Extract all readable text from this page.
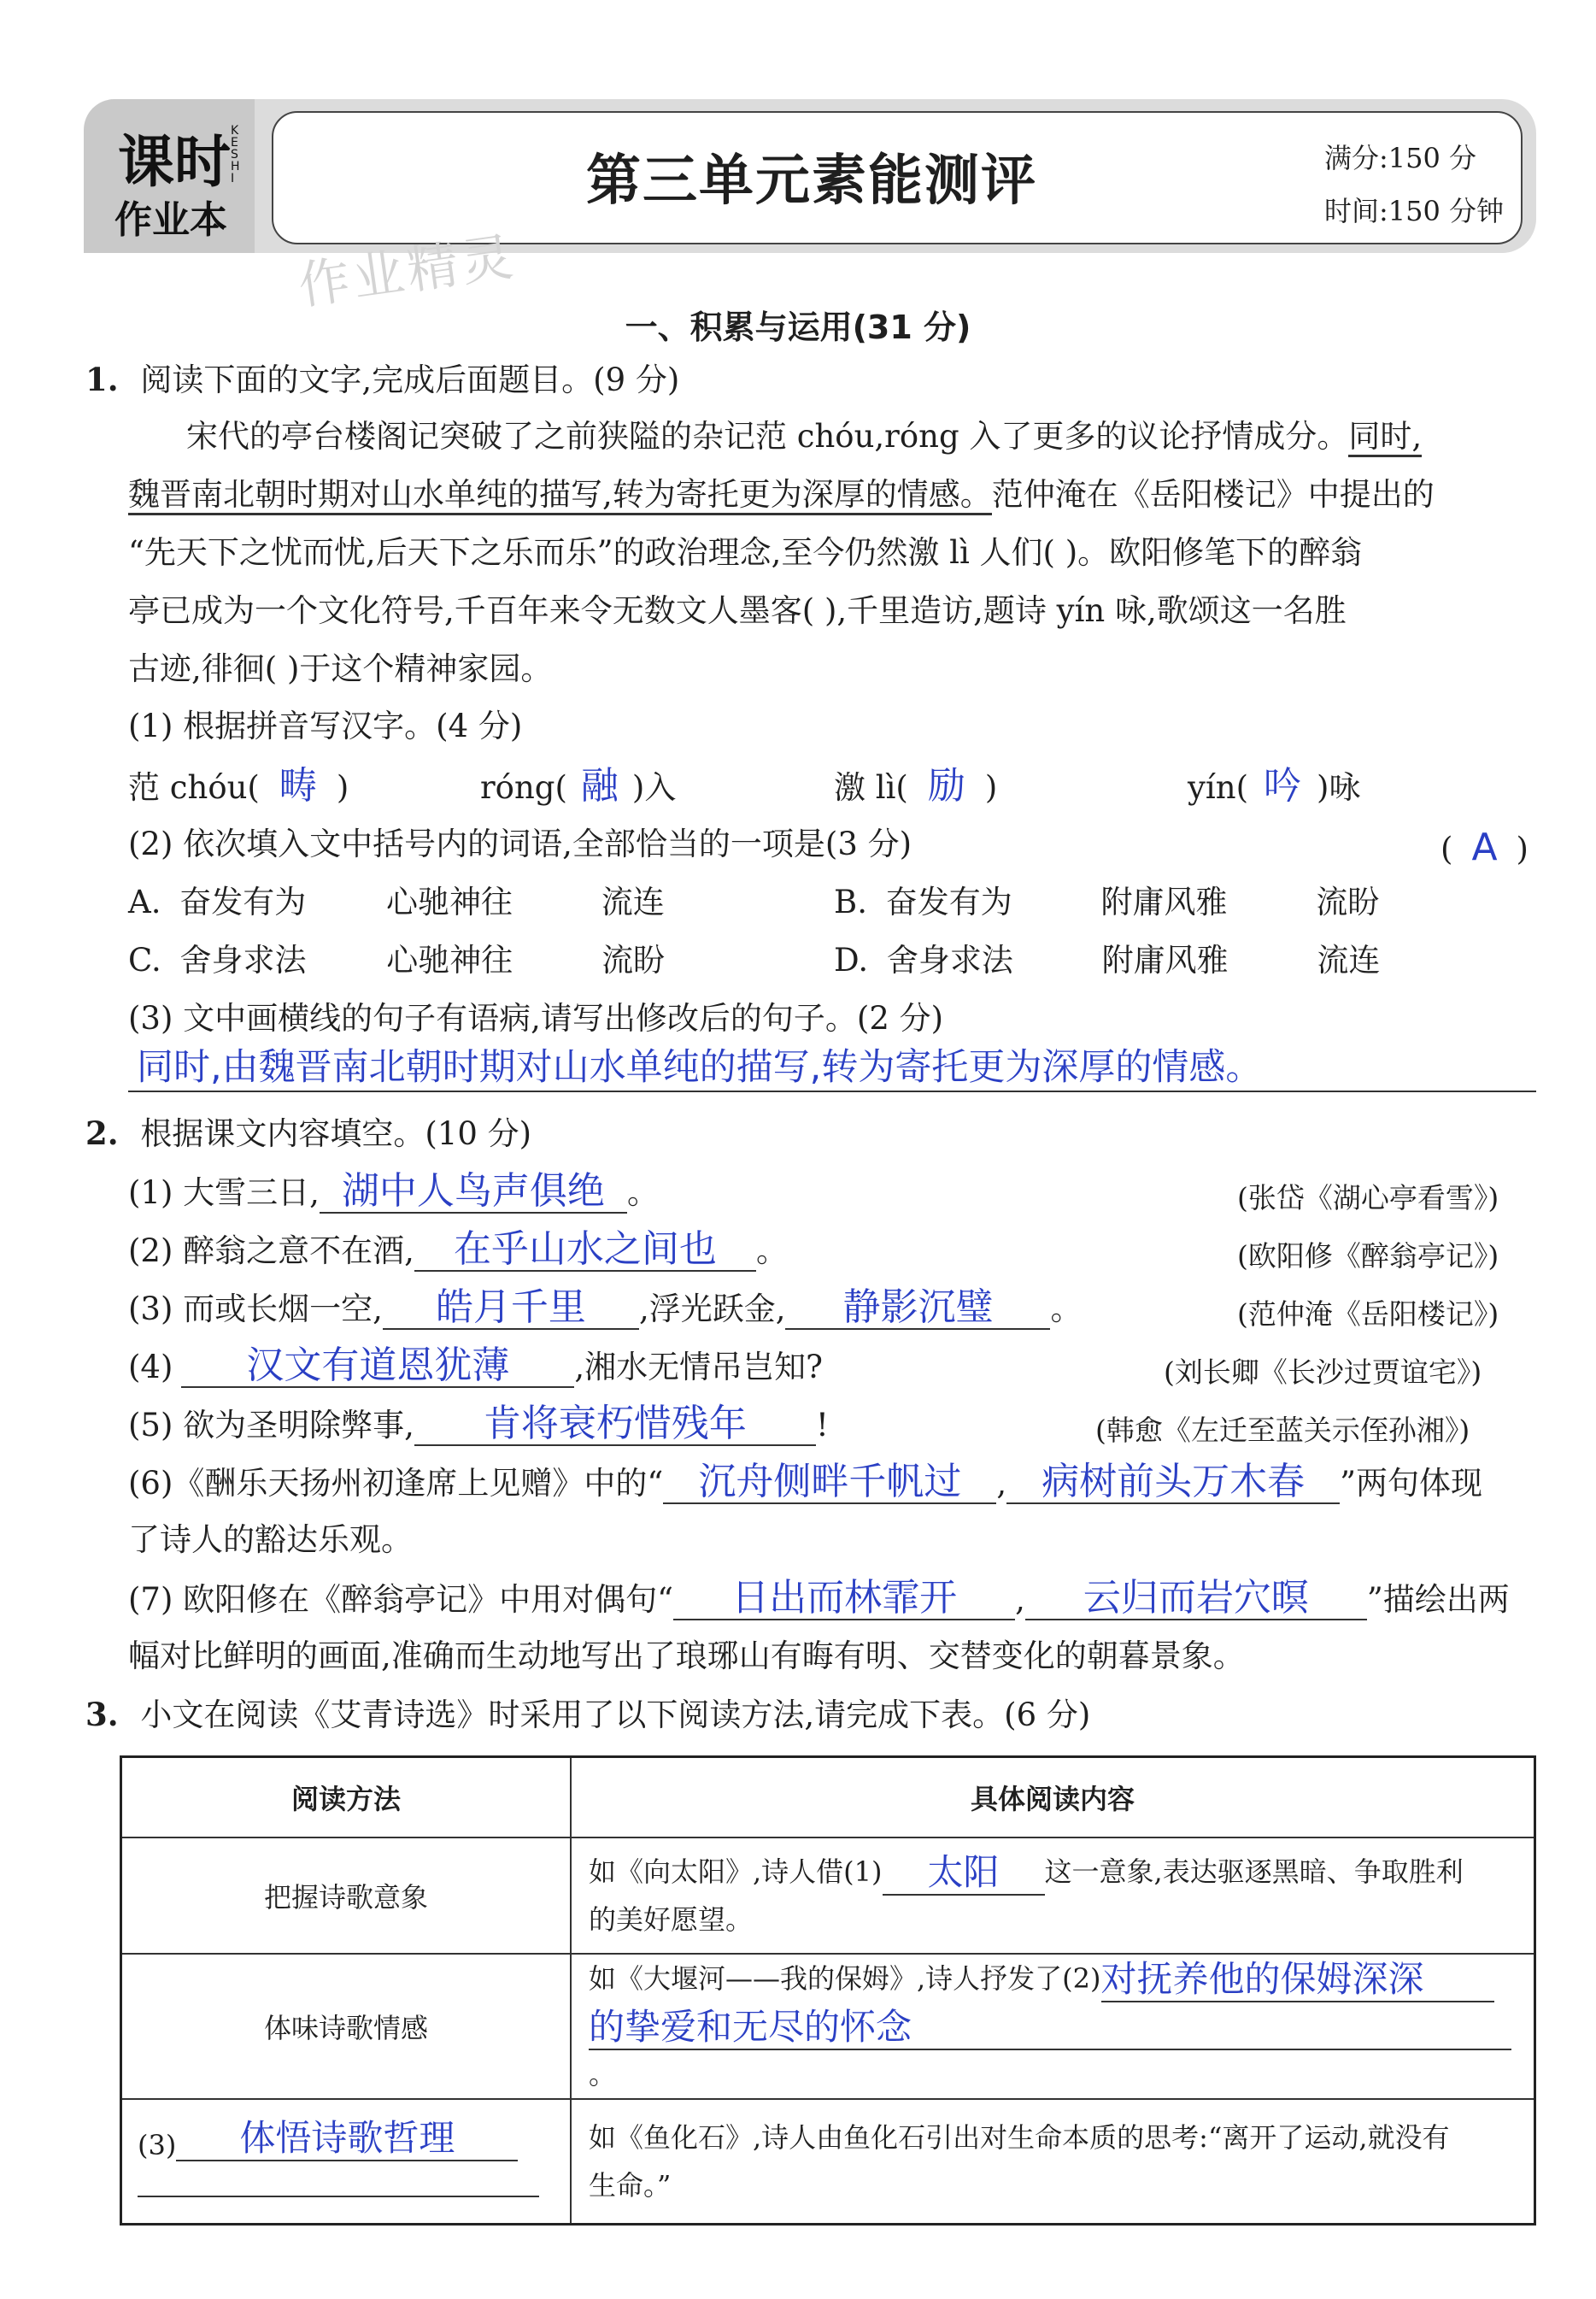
课时 KESHI
作业本
第三单元素能测评	满分:150 分
时间:150 分钟
作业精灵
一、积累与运用(31 分)
1. 阅读下面的文字,完成后面题目。(9 分)
宋代的亭台楼阁记突破了之前狭隘的杂记范 chóu,róng 入了更多的议论抒情成分。同时,
魏晋南北朝时期对山水单纯的描写,转为寄托更为深厚的情感。范仲淹在《岳阳楼记》中提出的
“先天下之忧而忧,后天下之乐而乐”的政治理念,至今仍然激 lì 人们( )。欧阳修笔下的醉翁
亭已成为一个文化符号,千百年来令无数文人墨客( ),千里造访,题诗 yín 咏,歌颂这一名胜
古迹,徘徊( )于这个精神家园。
(1) 根据拼音写汉字。(4 分)
范 chóu( 畴 )	róng( 融 )入	激 lì( 励 )	yín( 吟 )咏
(2) 依次填入文中括号内的词语,全部恰当的一项是(3 分)	( A )
A. 奋发有为	心驰神往	流连	B. 奋发有为	附庸风雅	流盼
C. 舍身求法	心驰神往	流盼	D. 舍身求法	附庸风雅	流连
(3) 文中画横线的句子有语病,请写出修改后的句子。(2 分)
同时,由魏晋南北朝时期对山水单纯的描写,转为寄托更为深厚的情感。
2. 根据课文内容填空。(10 分)
(1) 大雪三日, 湖中人鸟声俱绝 。	(张岱《湖心亭看雪》)
(2) 醉翁之意不在酒, 在乎山水之间也 。	(欧阳修《醉翁亭记》)
(3) 而或长烟一空, 皓月千里 ,浮光跃金, 静影沉璧 。	(范仲淹《岳阳楼记》)
(4) 汉文有道恩犹薄 ,湘水无情吊岂知?	(刘长卿《长沙过贾谊宅》)
(5) 欲为圣明除弊事, 肯将衰朽惜残年 !	(韩愈《左迁至蓝关示侄孙湘》)
(6)《酬乐天扬州初逢席上见赠》中的“ 沉舟侧畔千帆过 , 病树前头万木春 ”两句体现
了诗人的豁达乐观。
(7) 欧阳修在《醉翁亭记》中用对偶句“ 日出而林霏开 , 云归而岩穴暝 ”描绘出两
幅对比鲜明的画面,准确而生动地写出了琅琊山有晦有明、交替变化的朝暮景象。
3. 小文在阅读《艾青诗选》时采用了以下阅读方法,请完成下表。(6 分)
阅读方法	具体阅读内容
把握诗歌意象	如《向太阳》,诗人借(1) 太阳 这一意象,表达驱逐黑暗、争取胜利
的美好愿望。
体味诗歌情感	如《大堰河——我的保姆》,诗人抒发了(2)对抚养他的保姆深深
的挚爱和无尽的怀念。
(3) 体悟诗歌哲理	如《鱼化石》,诗人由鱼化石引出对生命本质的思考:“离开了运动,就没有
生命。”
